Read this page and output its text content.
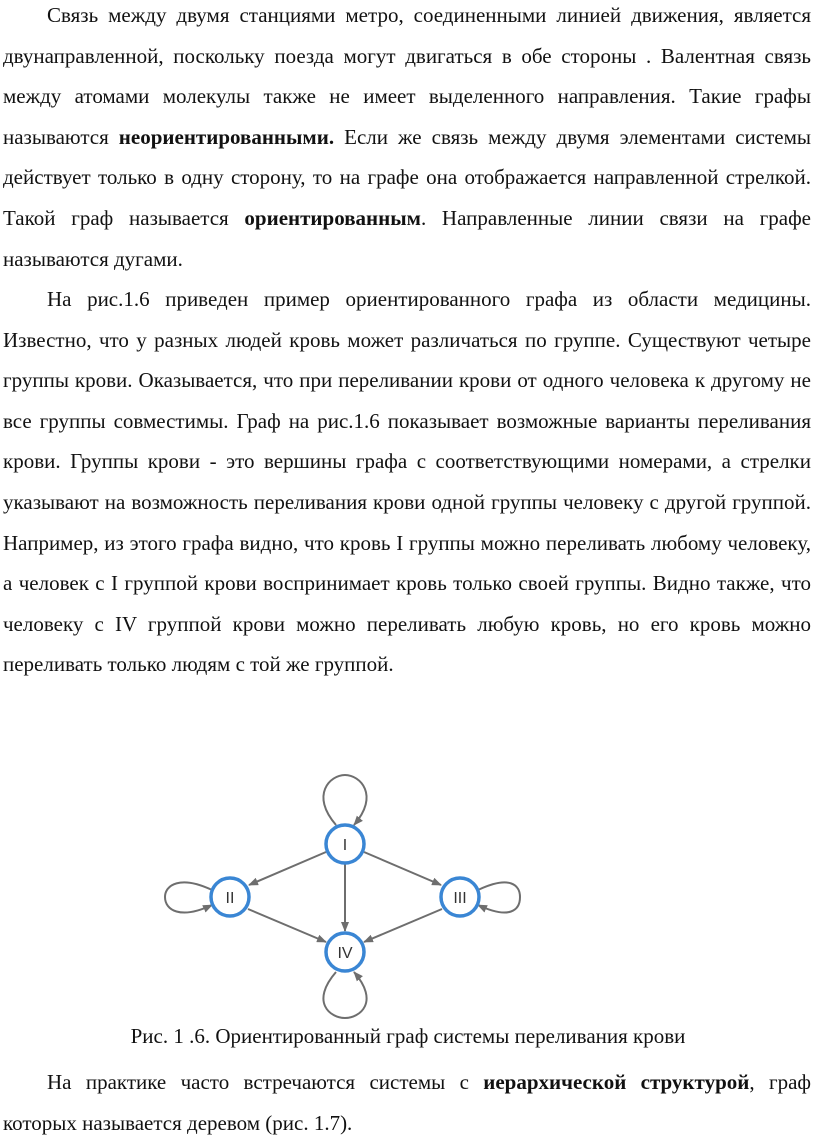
Связь между двумя станциями метро, соединенными линией движения, является двунаправленной, поскольку поезда могут двигаться в обе стороны . Валентная связь между атомами молекулы также не имеет выделенного направления. Такие графы называются неориентированными. Если же связь между двумя элементами системы действует только в одну сторону, то на графе она отображается направленной стрелкой. Такой граф называется ориентированным. Направленные линии связи на графе называются дугами.

На рис.1.6 приведен пример ориентированного графа из области медицины. Известно, что у разных людей кровь может различаться по группе. Существуют четыре группы крови. Оказывается, что при переливании крови от одного человека к другому не все группы совместимы. Граф на рис.1.6 показывает возможные варианты переливания крови. Группы крови - это вершины графа с соответствующими номерами, а стрелки указывают на возможность переливания крови одной группы человеку с другой группой. Например, из этого графа видно, что кровь I группы можно переливать любому человеку, а человек с I группой крови воспринимает кровь только своей группы. Видно также, что человеку с IV группой крови можно переливать любую кровь, но его кровь можно переливать только людям с той же группой.

I
II	III
IV
Рис. 1 .6. Ориентированный граф системы переливания крови

На практике часто встречаются системы с иерархической структурой, граф которых называется деревом (рис. 1.7).
